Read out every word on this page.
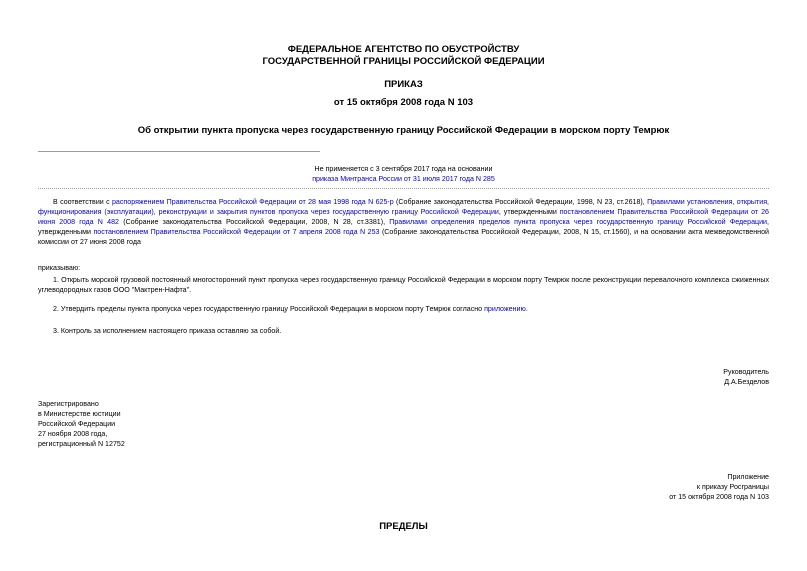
ФЕДЕРАЛЬНОЕ АГЕНТСТВО ПО ОБУСТРОЙСТВУ
ГОСУДАРСТВЕННОЙ ГРАНИЦЫ РОССИЙСКОЙ ФЕДЕРАЦИИ
ПРИКАЗ
от 15 октября 2008 года N 103
Об открытии пункта пропуска через государственную границу Российской Федерации в морском порту Темрюк
Не применяется с 3 сентября 2017 года на основании
приказа Минтранса России от 31 июля 2017 года N 285
В соответствии с распоряжением Правительства Российской Федерации от 28 мая 1998 года N 625-р (Собрание законодательства Российской Федерации, 1998, N 23, ст.2618), Правилами установления, открытия, функционирования (эксплуатации), реконструкции и закрытия пунктов пропуска через государственную границу Российской Федерации, утвержденными постановлением Правительства Российской Федерации от 26 июня 2008 года N 482 (Собрание законодательства Российской Федерации, 2008, N 28, ст.3381), Правилами определения пределов пункта пропуска через государственную границу Российской Федерации, утвержденными постановлением Правительства Российской Федерации от 7 апреля 2008 года N 253 (Собрание законодательства Российской Федерации, 2008, N 15, ст.1560), и на основании акта межведомственной комиссии от 27 июня 2008 года
приказываю:
1. Открыть морской грузовой постоянный многосторонний пункт пропуска через государственную границу Российской Федерации в морском порту Темрюк после реконструкции перевалочного комплекса сжиженных углеводородных газов ООО "Мактрен-Нафта".
2. Утвердить пределы пункта пропуска через государственную границу Российской Федерации в морском порту Темрюк согласно приложению.
3. Контроль за исполнением настоящего приказа оставляю за собой.
Руководитель
Д.А.Безделов
Зарегистрировано
в Министерстве юстиции
Российской Федерации
27 ноября 2008 года,
регистрационный N 12752
Приложение
к приказу Росграницы
от 15 октября 2008 года N 103
ПРЕДЕЛЫ
